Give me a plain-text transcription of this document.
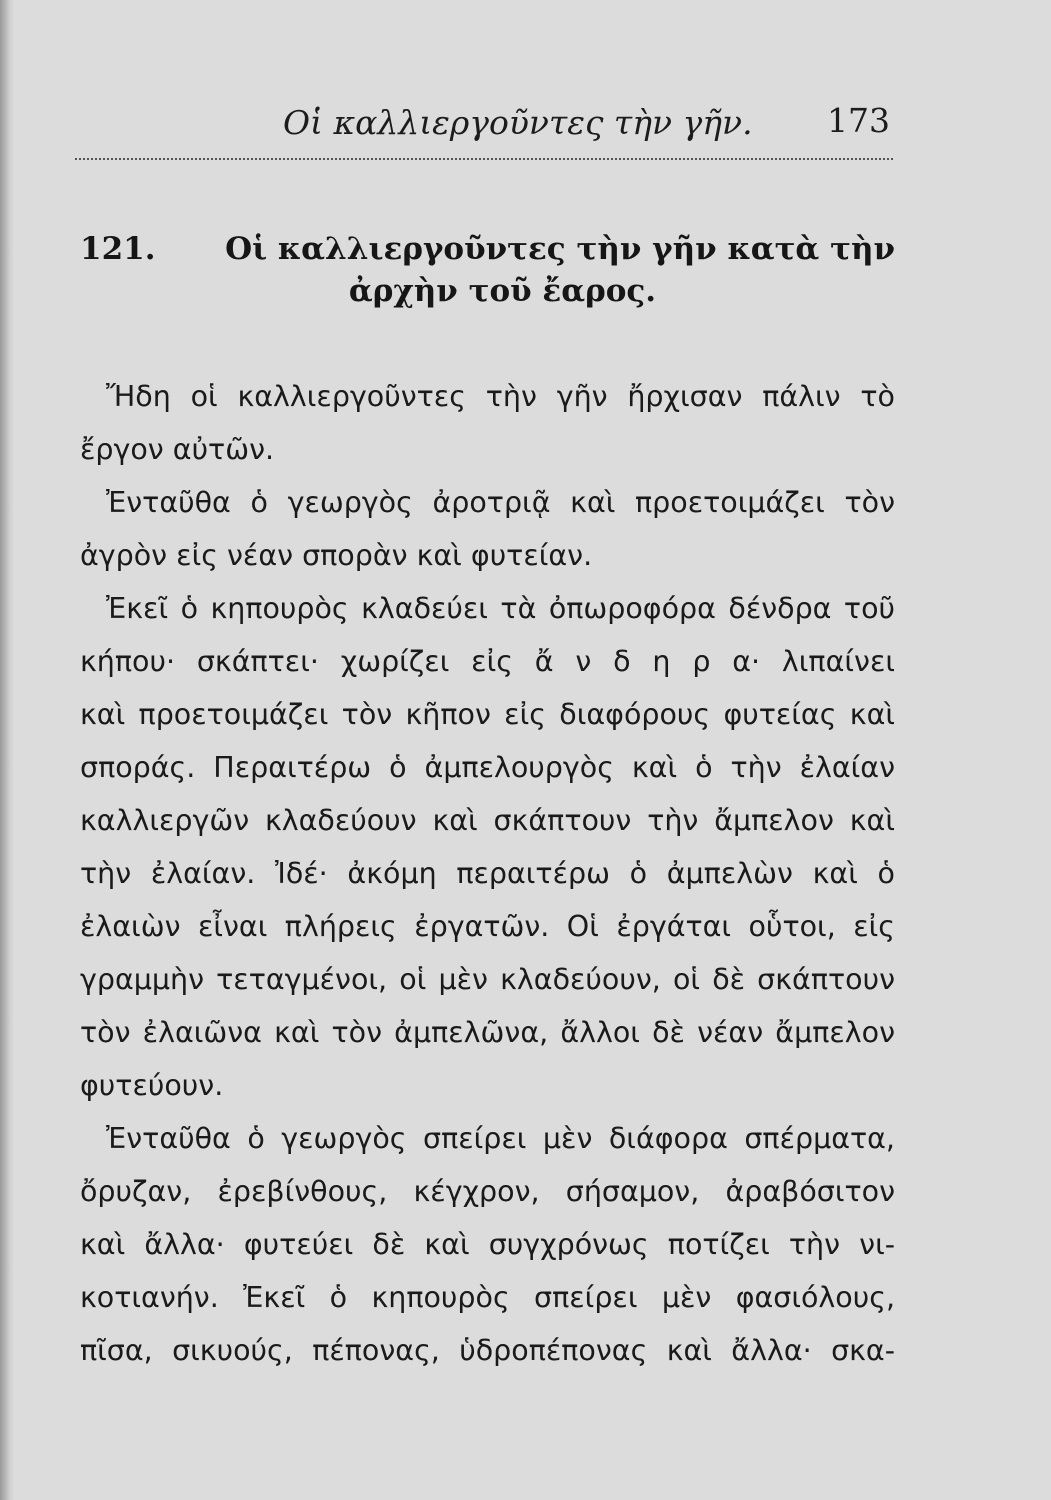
Οἱ καλλιεργοῦντες τὴν γῆν. 173
121. Οἱ καλλιεργοῦντες τὴν γῆν κατὰ τὴν
ἀρχὴν τοῦ ἔαρος.
Ἤδη οἱ καλλιεργοῦντες τὴν γῆν ἤρχισαν πάλιν τὸ
ἔργον αὐτῶν.
Ἐνταῦθα ὁ γεωργὸς ἀροτριᾷ καὶ προετοιμάζει τὸν
ἀγρὸν εἰς νέαν σπορὰν καὶ φυτείαν.
Ἐκεῖ ὁ κηπουρὸς κλαδεύει τὰ ὀπωροφόρα δένδρα τοῦ
κήπου· σκάπτει· χωρίζει εἰς ἄ ν δ η ρ α· λιπαίνει
καὶ προετοιμάζει τὸν κῆπον εἰς διαφόρους φυτείας καὶ
σποράς. Περαιτέρω ὁ ἀμπελουργὸς καὶ ὁ τὴν ἐλαίαν
καλλιεργῶν κλαδεύουν καὶ σκάπτουν τὴν ἄμπελον καὶ
τὴν ἐλαίαν. Ἰδέ· ἀκόμη περαιτέρω ὁ ἀμπελὼν καὶ ὁ
ἐλαιὼν εἶναι πλήρεις ἐργατῶν. Οἱ ἐργάται οὗτοι, εἰς
γραμμὴν τεταγμένοι, οἱ μὲν κλαδεύουν, οἱ δὲ σκάπτουν
τὸν ἐλαιῶνα καὶ τὸν ἀμπελῶνα, ἄλλοι δὲ νέαν ἄμπελον
φυτεύουν.
Ἐνταῦθα ὁ γεωργὸς σπείρει μὲν διάφορα σπέρματα,
ὄρυζαν, ἐρεβίνθους, κέγχρον, σήσαμον, ἀραβόσιτον
καὶ ἄλλα· φυτεύει δὲ καὶ συγχρόνως ποτίζει τὴν νι-
κοτιανήν. Ἐκεῖ ὁ κηπουρὸς σπείρει μὲν φασιόλους,
πῖσα, σικυούς, πέπονας, ὑδροπέπονας καὶ ἄλλα· σκα-
